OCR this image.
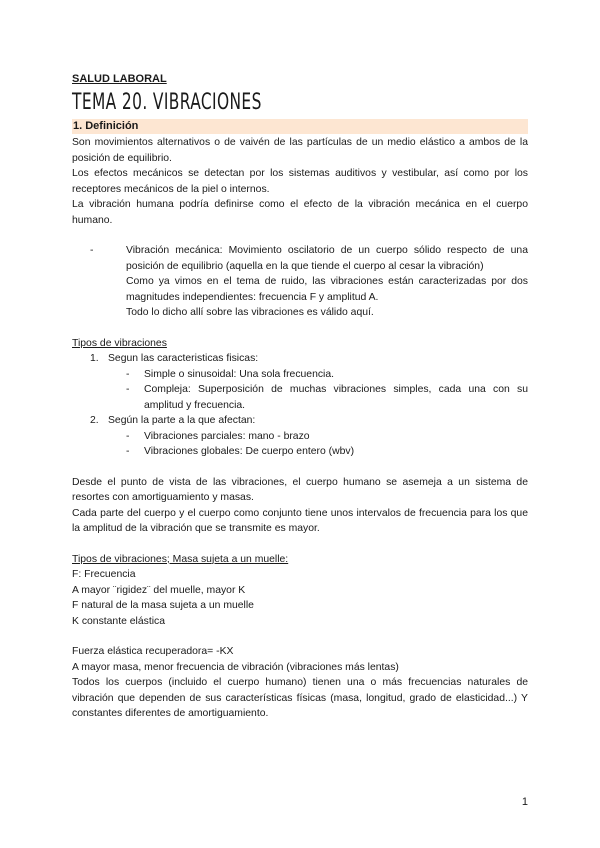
SALUD LABORAL
TEMA 20. VIBRACIONES
1. Definición

Son movimientos alternativos o de vaivén de las partículas de un medio elástico a ambos de la posición de equilibrio.

Los efectos mecánicos se detectan por los sistemas auditivos y vestibular, así como por los receptores mecánicos de la piel o internos.

La vibración humana podría definirse como el efecto de la vibración mecánica en el cuerpo humano.

-	Vibración mecánica: Movimiento oscilatorio de un cuerpo sólido respecto de una posición de equilibrio (aquella en la que tiende el cuerpo al cesar la vibración)

Como ya vimos en el tema de ruido, las vibraciones están caracterizadas por dos magnitudes independientes: frecuencia F y amplitud A.

Todo lo dicho allí sobre las vibraciones es válido aquí.

Tipos de vibraciones
1. Segun las caracteristicas fisicas:
- Simple o sinusoidal: Una sola frecuencia.
- Compleja: Superposición de muchas vibraciones simples, cada una con su amplitud y frecuencia.
2. Según la parte a la que afectan:
- Vibraciones parciales: mano - brazo
- Vibraciones globales: De cuerpo entero (wbv)

Desde el punto de vista de las vibraciones, el cuerpo humano se asemeja a un sistema de resortes con amortiguamiento y masas.

Cada parte del cuerpo y el cuerpo como conjunto tiene unos intervalos de frecuencia para los que la amplitud de la vibración que se transmite es mayor.

Tipos de vibraciones; Masa sujeta a un muelle:

F: Frecuencia

A mayor ¨rigidez¨ del muelle, mayor K

F natural de la masa sujeta a un muelle

K constante elástica

Fuerza elástica recuperadora= -KX

A mayor masa, menor frecuencia de vibración (vibraciones más lentas)

Todos los cuerpos (incluido el cuerpo humano) tienen una o más frecuencias naturales de vibración que dependen de sus características físicas (masa, longitud, grado de elasticidad...) Y constantes diferentes de amortiguamiento.

1
